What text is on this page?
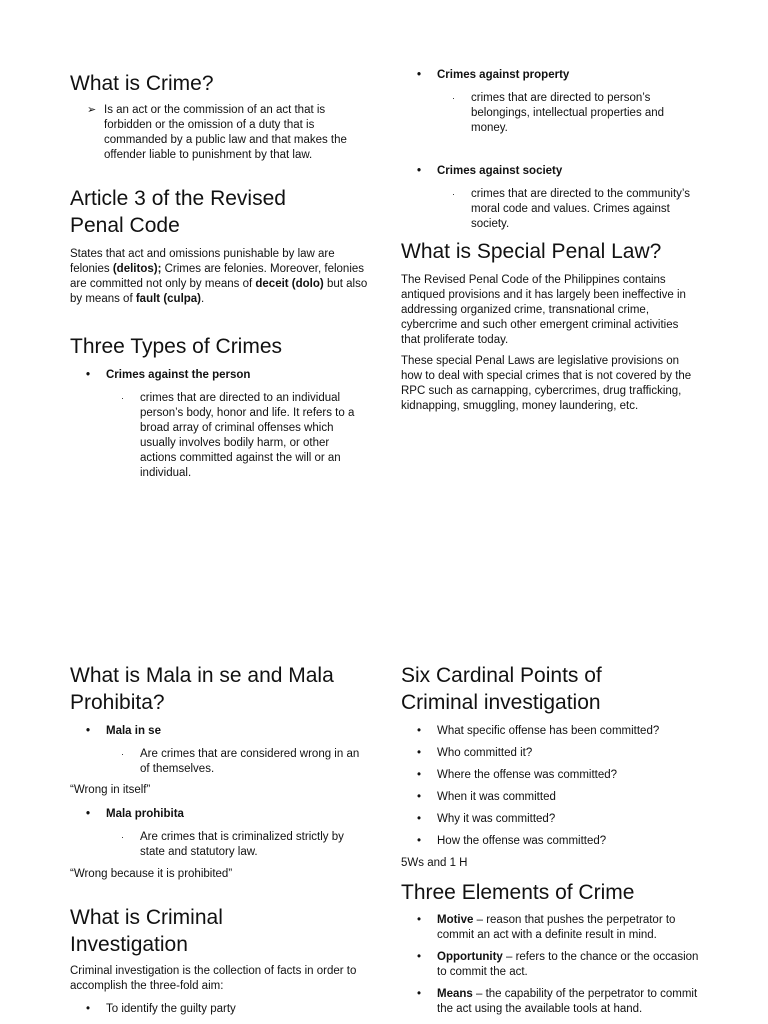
What is Crime?
➢ Is an act or the commission of an act that is forbidden or the omission of a duty that is commanded by a public law and that makes the offender liable to punishment by that law.
Article 3 of the Revised Penal Code

States that act and omissions punishable by law are felonies (delitos); Crimes are felonies. Moreover, felonies are committed not only by means of deceit (dolo) but also by means of fault (culpa).

Three Types of Crimes
• Crimes against the person
· crimes that are directed to an individual person’s body, honor and life. It refers to a broad array of criminal offenses which usually involves bodily harm, or other actions committed against the will or an individual.
• Crimes against property
· crimes that are directed to person’s belongings, intellectual properties and money.
• Crimes against society
· crimes that are directed to the community’s moral code and values. Crimes against society.
What is Special Penal Law?

The Revised Penal Code of the Philippines contains antiqued provisions and it has largely been ineffective in addressing organized crime, transnational crime, cybercrime and such other emergent criminal activities that proliferate today.

These special Penal Laws are legislative provisions on how to deal with special crimes that is not covered by the RPC such as carnapping, cybercrimes, drug trafficking, kidnapping, smuggling, money laundering, etc.

What is Mala in se and Mala Prohibita?
• Mala in se
· Are crimes that are considered wrong in an of themselves.

“Wrong in itself”

• Mala prohibita
· Are crimes that is criminalized strictly by state and statutory law.

“Wrong because it is prohibited”

What is Criminal Investigation

Criminal investigation is the collection of facts in order to accomplish the three-fold aim:

• To identify the guilty party
Six Cardinal Points of Criminal investigation
• What specific offense has been committed?
• Who committed it?
• Where the offense was committed?
• When it was committed
• Why it was committed?
• How the offense was committed?

5Ws and 1 H

Three Elements of Crime
• Motive – reason that pushes the perpetrator to commit an act with a definite result in mind.
• Opportunity – refers to the chance or the occasion to commit the act.
• Means – the capability of the perpetrator to commit the act using the available tools at hand.
